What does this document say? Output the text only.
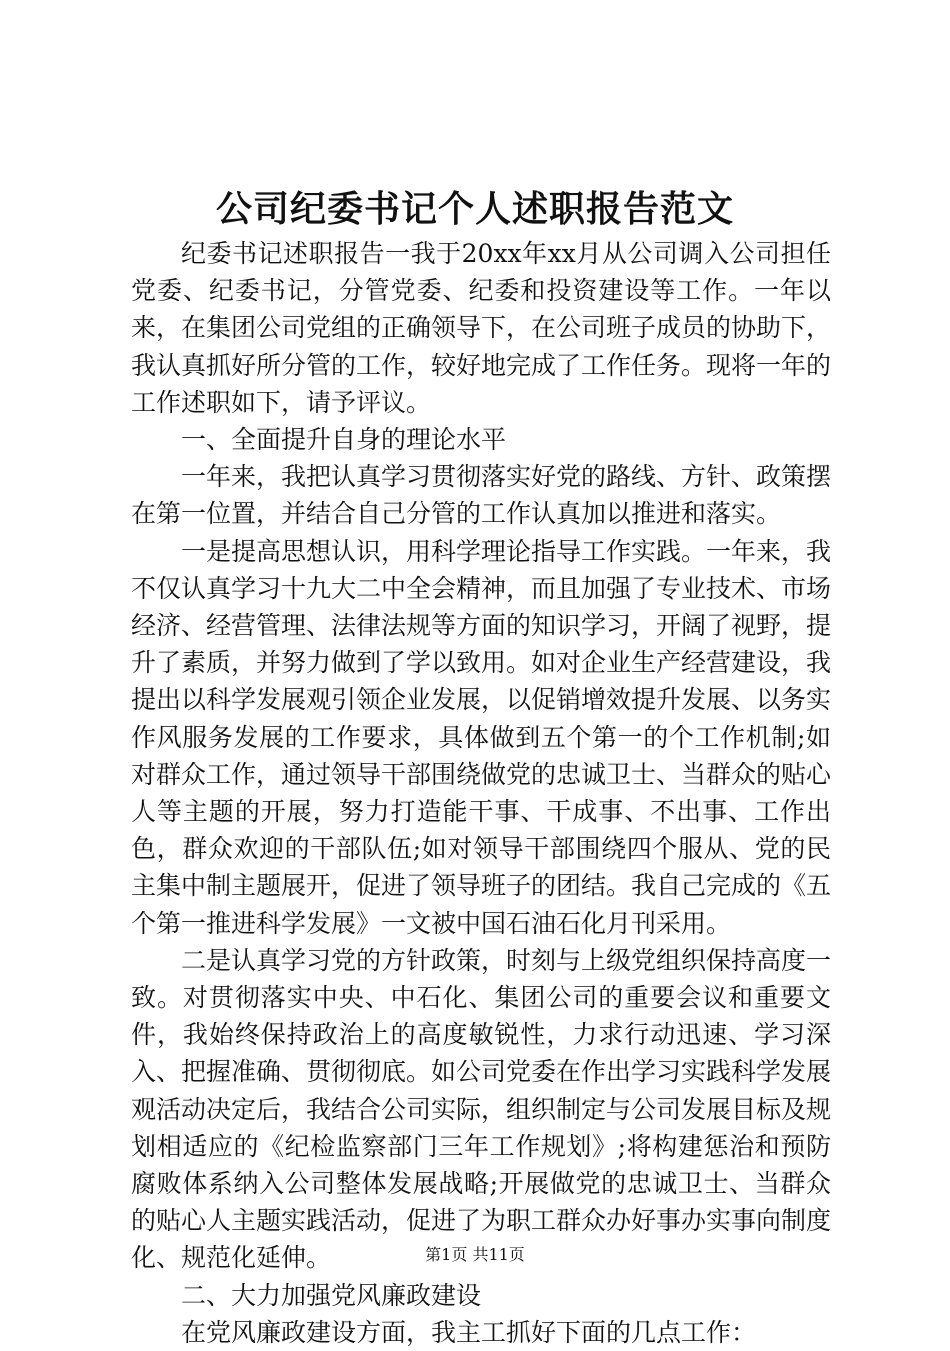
公司纪委书记个人述职报告范文

纪委书记述职报告一我于20xx年xx月从公司调入公司担任党委、纪委书记，分管党委、纪委和投资建设等工作。一年以来，在集团公司党组的正确领导下，在公司班子成员的协助下，我认真抓好所分管的工作，较好地完成了工作任务。现将一年的工作述职如下，请予评议。

一、全面提升自身的理论水平

一年来，我把认真学习贯彻落实好党的路线、方针、政策摆在第一位置，并结合自己分管的工作认真加以推进和落实。

一是提高思想认识，用科学理论指导工作实践。一年来，我不仅认真学习十九大二中全会精神，而且加强了专业技术、市场经济、经营管理、法律法规等方面的知识学习，开阔了视野，提升了素质，并努力做到了学以致用。如对企业生产经营建设，我提出以科学发展观引领企业发展，以促销增效提升发展、以务实作风服务发展的工作要求，具体做到五个第一的个工作机制;如对群众工作，通过领导干部围绕做党的忠诚卫士、当群众的贴心人等主题的开展，努力打造能干事、干成事、不出事、工作出色，群众欢迎的干部队伍;如对领导干部围绕四个服从、党的民主集中制主题展开，促进了领导班子的团结。我自己完成的《五个第一推进科学发展》一文被中国石油石化月刊采用。

二是认真学习党的方针政策，时刻与上级党组织保持高度一致。对贯彻落实中央、中石化、集团公司的重要会议和重要文件，我始终保持政治上的高度敏锐性，力求行动迅速、学习深入、把握准确、贯彻彻底。如公司党委在作出学习实践科学发展观活动决定后，我结合公司实际，组织制定与公司发展目标及规划相适应的《纪检监察部门三年工作规划》;将构建惩治和预防腐败体系纳入公司整体发展战略;开展做党的忠诚卫士、当群众的贴心人主题实践活动，促进了为职工群众办好事办实事向制度化、规范化延伸。

二、大力加强党风廉政建设

在党风廉政建设方面，我主工抓好下面的几点工作：

第1页 共11页
